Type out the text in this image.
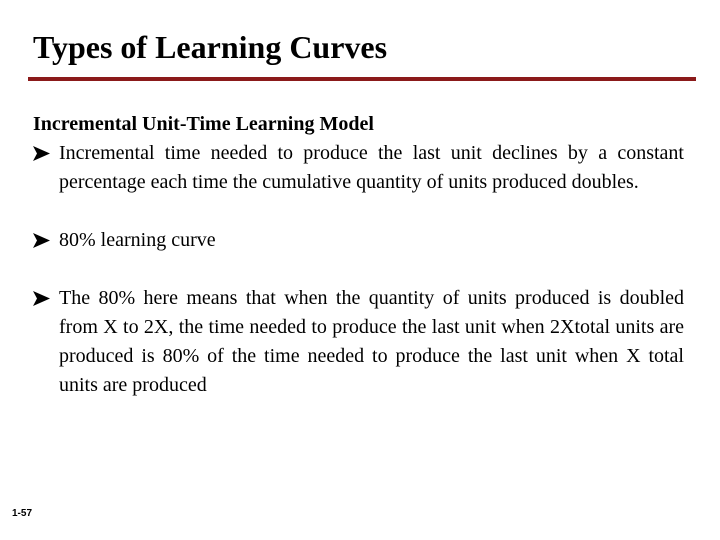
Types of Learning Curves

Incremental Unit-Time Learning Model

Incremental time needed to produce the last unit declines by a constant percentage each time the cumulative quantity of units produced doubles.

80% learning curve

The 80% here means that when the quantity of units produced is doubled from X to 2X, the time needed to produce the last unit when 2Xtotal units are produced is 80% of the time needed to produce the last unit when X total units are produced

1-57
